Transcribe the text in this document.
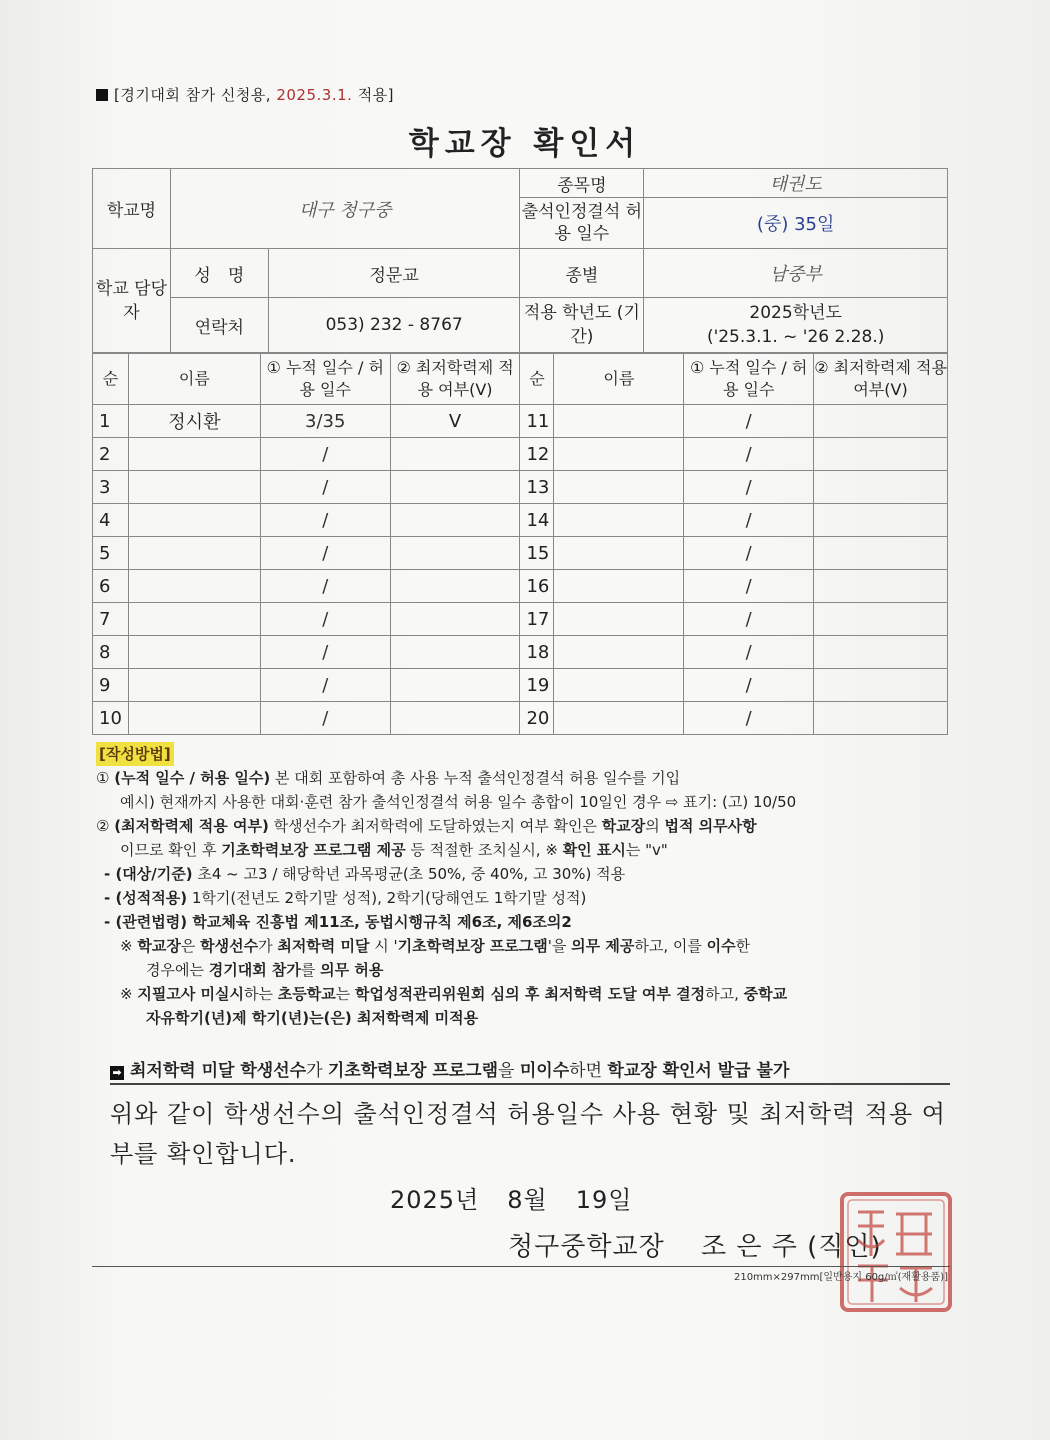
[경기대회 참가 신청용, 2025.3.1. 적용]
학교장 확인서
학교명	대구 청구중		종목명	태권도
			출석인정결석 허용 일수	(중) 35일
학교 담당자	성　명	정문교	종별	남중부
	연락처	053) 232 - 8767	적용 학년도 (기간)	2025학년도
('25.3.1. ~ '26 2.28.)
순	이름	① 누적 일수 / 허용 일수	② 최저학력제 적용 여부(V)	순	이름	① 누적 일수 / 허용 일수	② 최저학력제 적용 여부(V)
1	정시환	3/35	V	11		/	
2		/		12		/	
3		/		13		/	
4		/		14		/	
5		/		15		/	
6		/		16		/	
7		/		17		/	
8		/		18		/	
9		/		19		/	
10		/		20		/	

[작성방법]

① (누적 일수 / 허용 일수) 본 대회 포함하여 총 사용 누적 출석인정결석 허용 일수를 기입

예시) 현재까지 사용한 대회·훈련 참가 출석인정결석 허용 일수 총합이 10일인 경우 ⇨ 표기: (고) 10/50

② (최저학력제 적용 여부) 학생선수가 최저학력에 도달하였는지 여부 확인은 학교장의 법적 의무사항

이므로 확인 후 기초학력보장 프로그램 제공 등 적절한 조치실시, ※ 확인 표시는 "v"

- (대상/기준) 초4 ~ 고3 / 해당학년 과목평균(초 50%, 중 40%, 고 30%) 적용

- (성적적용) 1학기(전년도 2학기말 성적), 2학기(당해연도 1학기말 성적)

- (관련법령) 학교체육 진흥법 제11조, 동법시행규칙 제6조, 제6조의2

※ 학교장은 학생선수가 최저학력 미달 시 '기초학력보장 프로그램'을 의무 제공하고, 이를 이수한

경우에는 경기대회 참가를 의무 허용

※ 지필고사 미실시하는 초등학교는 학업성적관리위원회 심의 후 최저학력 도달 여부 결정하고, 중학교

자유학기(년)제 학기(년)는(은) 최저학력제 미적용

➡ 최저학력 미달 학생선수가 기초학력보장 프로그램을 미이수하면 학교장 확인서 발급 불가
위와 같이 학생선수의 출석인정결석 허용일수 사용 현황 및 최저학력 적용 여부를 확인합니다.
2025년 8월 19일
청구중학교장　 조 은 주 (직인)
210mm×297mm[일반용지 60g/㎡(재활용품)]
